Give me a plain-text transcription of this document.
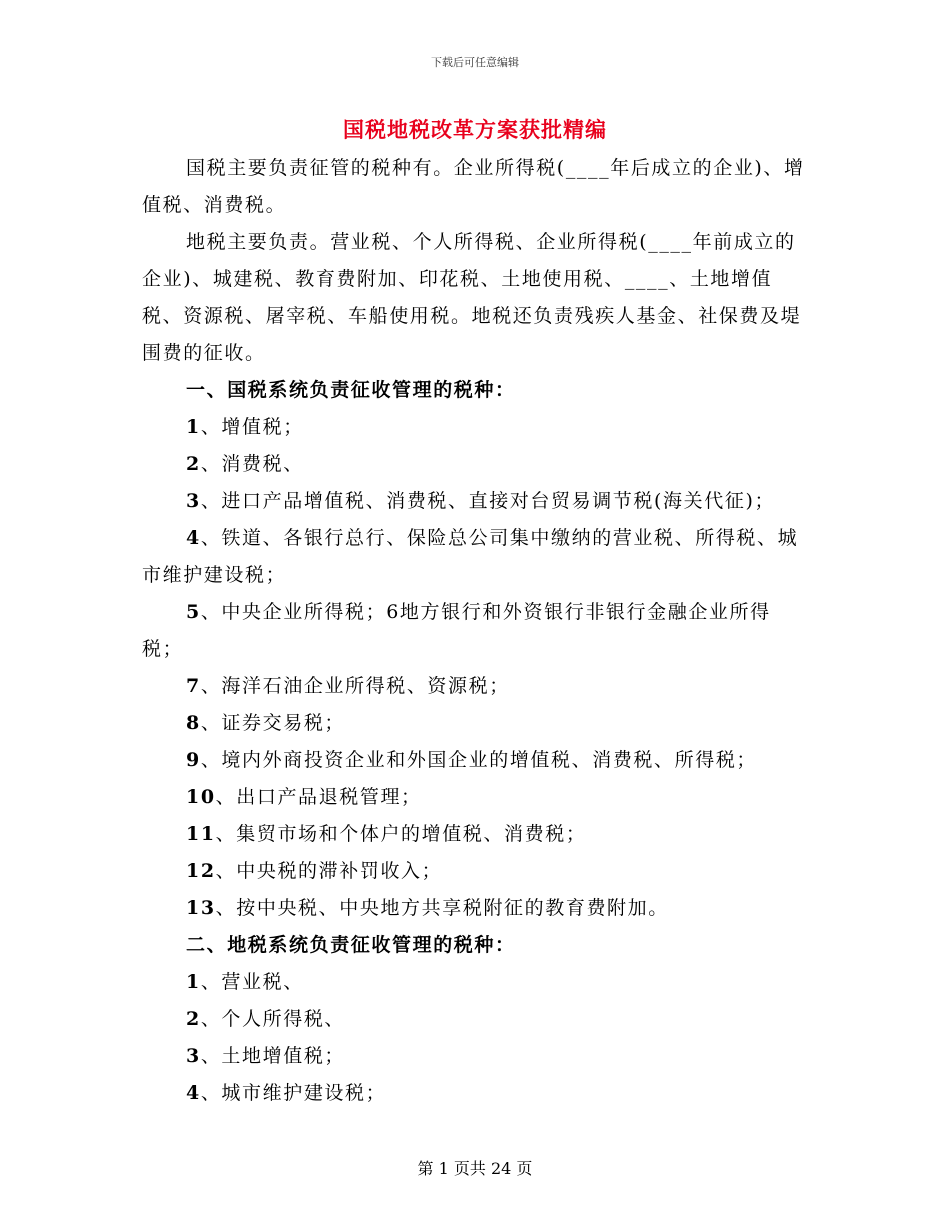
下载后可任意编辑
国税地税改革方案获批精编

国税主要负责征管的税种有。企业所得税(____年后成立的企业)、增值税、消费税。

地税主要负责。营业税、个人所得税、企业所得税(____年前成立的企业)、城建税、教育费附加、印花税、土地使用税、____、土地增值税、资源税、屠宰税、车船使用税。地税还负责残疾人基金、社保费及堤围费的征收。

一、国税系统负责征收管理的税种：

1、增值税；

2、消费税、

3、进口产品增值税、消费税、直接对台贸易调节税(海关代征)；

4、铁道、各银行总行、保险总公司集中缴纳的营业税、所得税、城市维护建设税；

5、中央企业所得税；6地方银行和外资银行非银行金融企业所得税；

7、海洋石油企业所得税、资源税；

8、证券交易税；

9、境内外商投资企业和外国企业的增值税、消费税、所得税；

10、出口产品退税管理；

11、集贸市场和个体户的增值税、消费税；

12、中央税的滞补罚收入；

13、按中央税、中央地方共享税附征的教育费附加。

二、地税系统负责征收管理的税种：

1、营业税、

2、个人所得税、

3、土地增值税；

4、城市维护建设税；

第 1 页共 24 页
